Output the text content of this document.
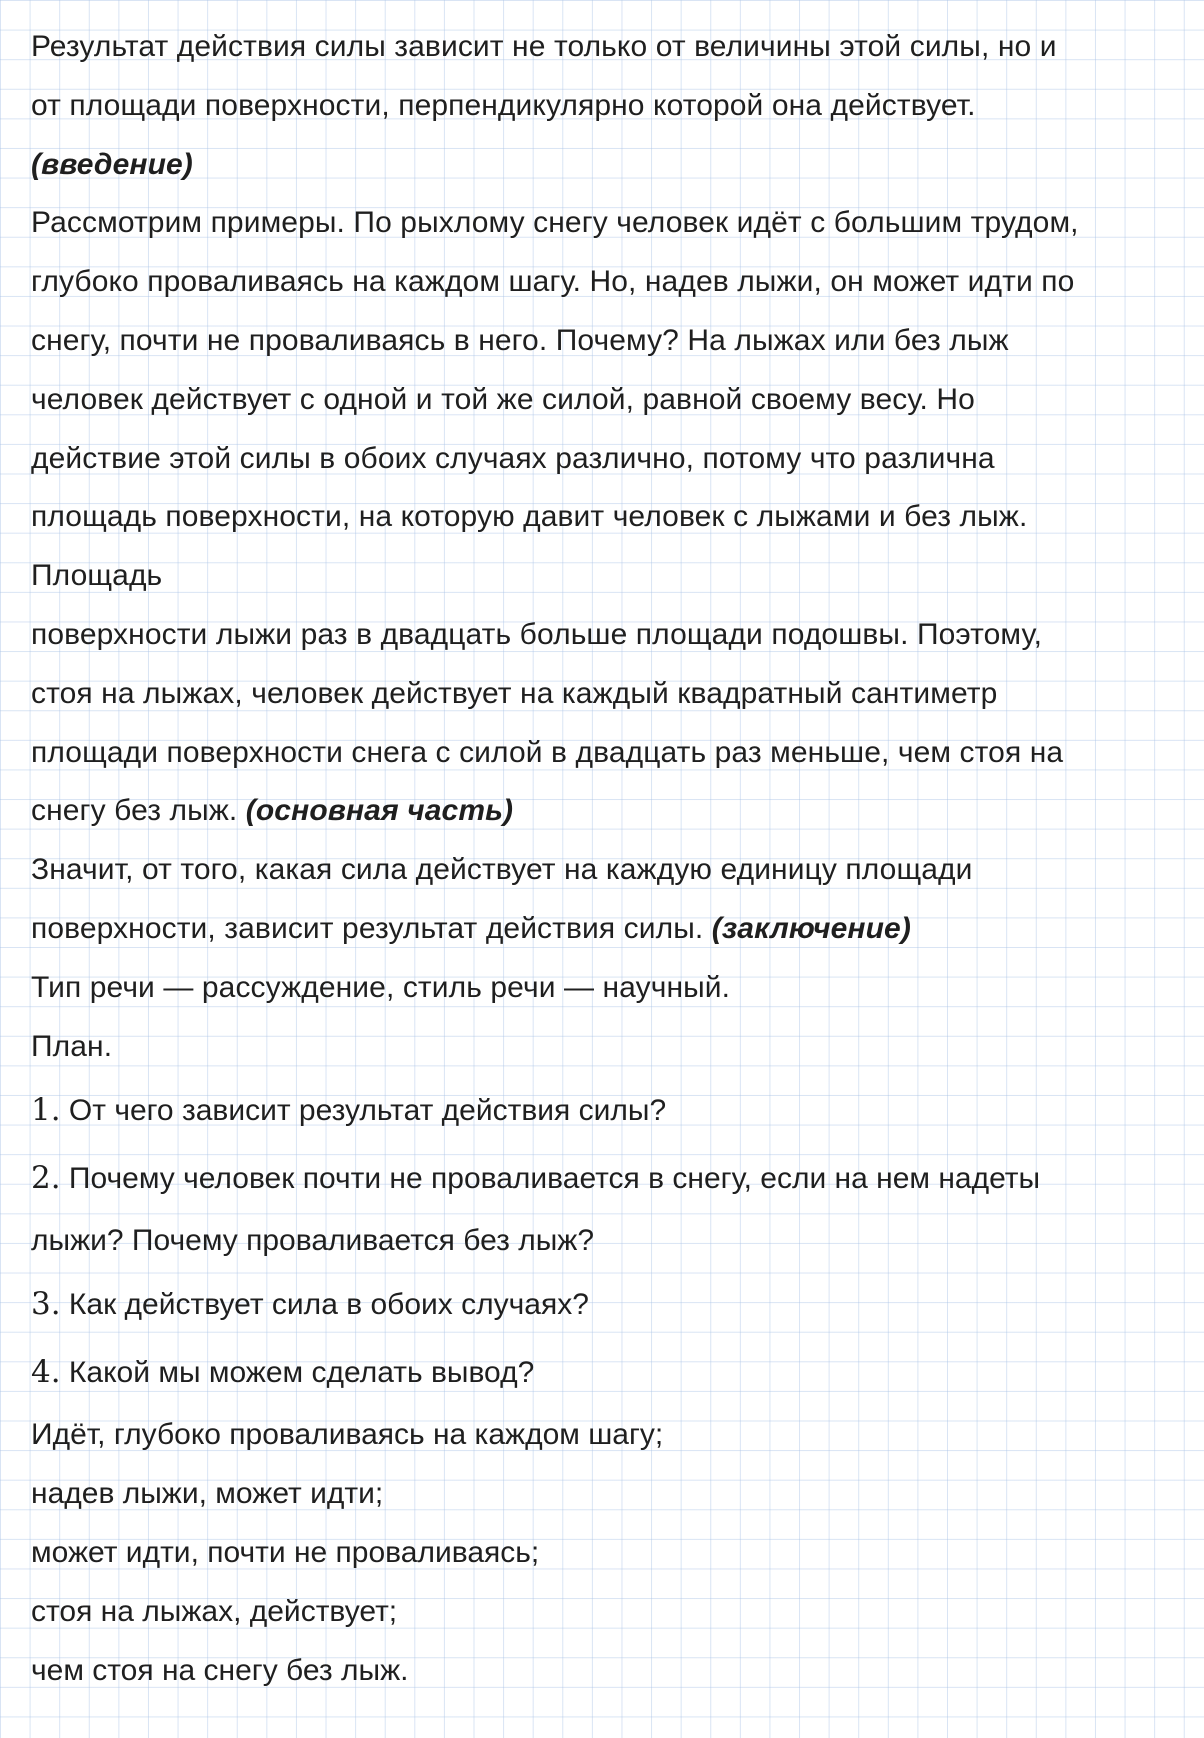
Результат действия силы зависит не только от величины этой силы, но и
от площади поверхности, перпендикулярно которой она действует.
(введение)
Рассмотрим примеры. По рыхлому снегу человек идёт с большим трудом,
глубоко проваливаясь на каждом шагу. Но, надев лыжи, он может идти по
снегу, почти не проваливаясь в него. Почему? На лыжах или без лыж
человек действует с одной и той же силой, равной своему весу. Но
действие этой силы в обоих случаях различно, потому что различна
площадь поверхности, на которую давит человек с лыжами и без лыж.
Площадь
поверхности лыжи раз в двадцать больше площади подошвы. Поэтому,
стоя на лыжах, человек действует на каждый квадратный сантиметр
площади поверхности снега с силой в двадцать раз меньше, чем стоя на
снегу без лыж. (основная часть)
Значит, от того, какая сила действует на каждую единицу площади
поверхности, зависит результат действия силы. (заключение)
Тип речи — рассуждение, стиль речи — научный.
План.
1. От чего зависит результат действия силы?
2. Почему человек почти не проваливается в снегу, если на нем надеты
лыжи? Почему проваливается без лыж?
3. Как действует сила в обоих случаях?
4. Какой мы можем сделать вывод?
Идёт, глубоко проваливаясь на каждом шагу;
надев лыжи, может идти;
может идти, почти не проваливаясь;
стоя на лыжах, действует;
чем стоя на снегу без лыж.
